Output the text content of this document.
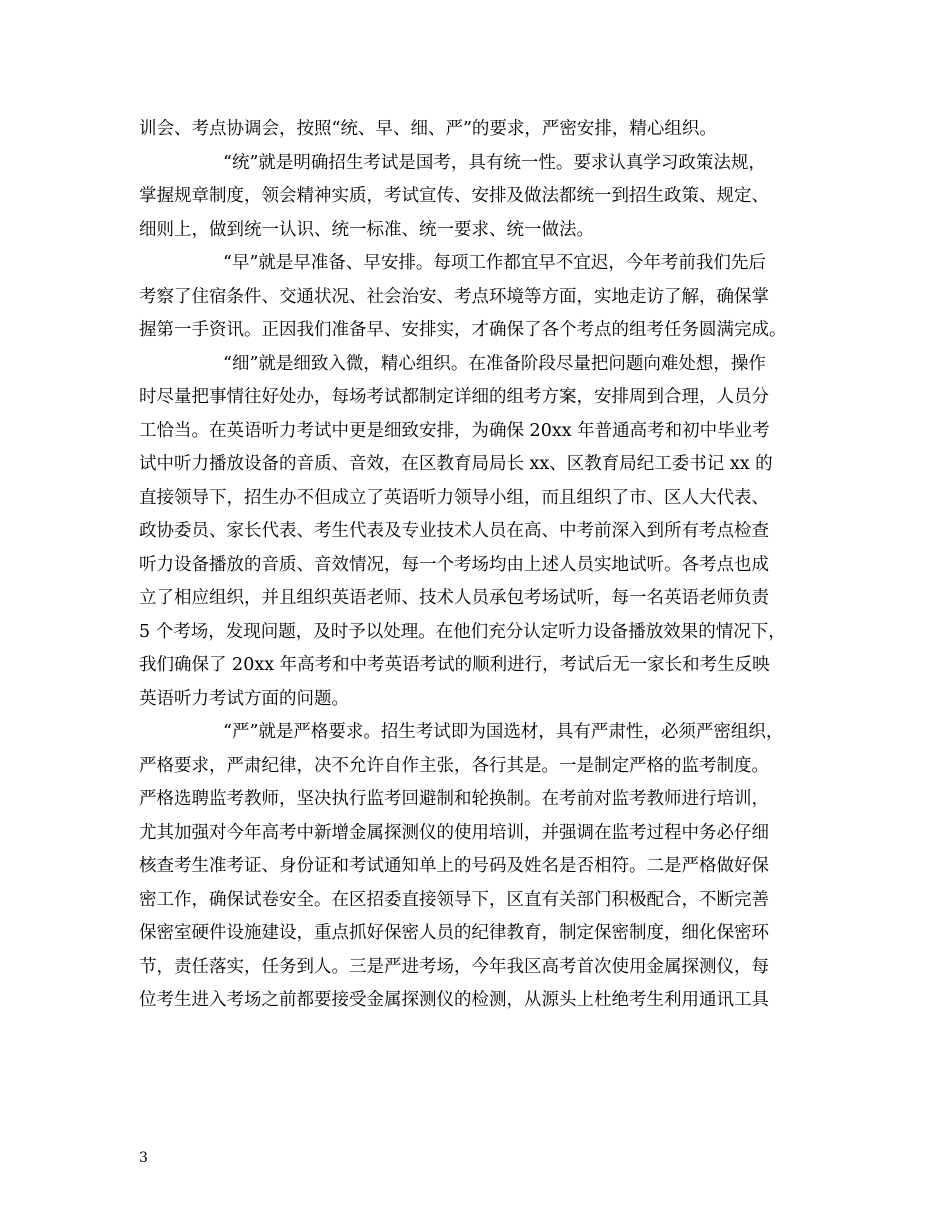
训会、考点协调会，按照“统、早、细、严”的要求，严密安排，精心组织。
“统”就是明确招生考试是国考，具有统一性。要求认真学习政策法规，
掌握规章制度，领会精神实质，考试宣传、安排及做法都统一到招生政策、规定、
细则上，做到统一认识、统一标准、统一要求、统一做法。
“早”就是早准备、早安排。每项工作都宜早不宜迟，今年考前我们先后
考察了住宿条件、交通状况、社会治安、考点环境等方面，实地走访了解，确保掌
握第一手资讯。正因我们准备早、安排实，才确保了各个考点的组考任务圆满完成。
“细”就是细致入微，精心组织。在准备阶段尽量把问题向难处想，操作
时尽量把事情往好处办，每场考试都制定详细的组考方案，安排周到合理，人员分
工恰当。在英语听力考试中更是细致安排，为确保 20xx 年普通高考和初中毕业考
试中听力播放设备的音质、音效，在区教育局局长 xx、区教育局纪工委书记 xx 的
直接领导下，招生办不但成立了英语听力领导小组，而且组织了市、区人大代表、
政协委员、家长代表、考生代表及专业技术人员在高、中考前深入到所有考点检查
听力设备播放的音质、音效情况，每一个考场均由上述人员实地试听。各考点也成
立了相应组织，并且组织英语老师、技术人员承包考场试听，每一名英语老师负责
5 个考场，发现问题，及时予以处理。在他们充分认定听力设备播放效果的情况下，
我们确保了 20xx 年高考和中考英语考试的顺利进行，考试后无一家长和考生反映
英语听力考试方面的问题。
“严”就是严格要求。招生考试即为国选材，具有严肃性，必须严密组织，
严格要求，严肃纪律，决不允许自作主张，各行其是。一是制定严格的监考制度。
严格选聘监考教师，坚决执行监考回避制和轮换制。在考前对监考教师进行培训，
尤其加强对今年高考中新增金属探测仪的使用培训，并强调在监考过程中务必仔细
核查考生准考证、身份证和考试通知单上的号码及姓名是否相符。二是严格做好保
密工作，确保试卷安全。在区招委直接领导下，区直有关部门积极配合，不断完善
保密室硬件设施建设，重点抓好保密人员的纪律教育，制定保密制度，细化保密环
节，责任落实，任务到人。三是严进考场，今年我区高考首次使用金属探测仪，每
位考生进入考场之前都要接受金属探测仪的检测，从源头上杜绝考生利用通讯工具
3
